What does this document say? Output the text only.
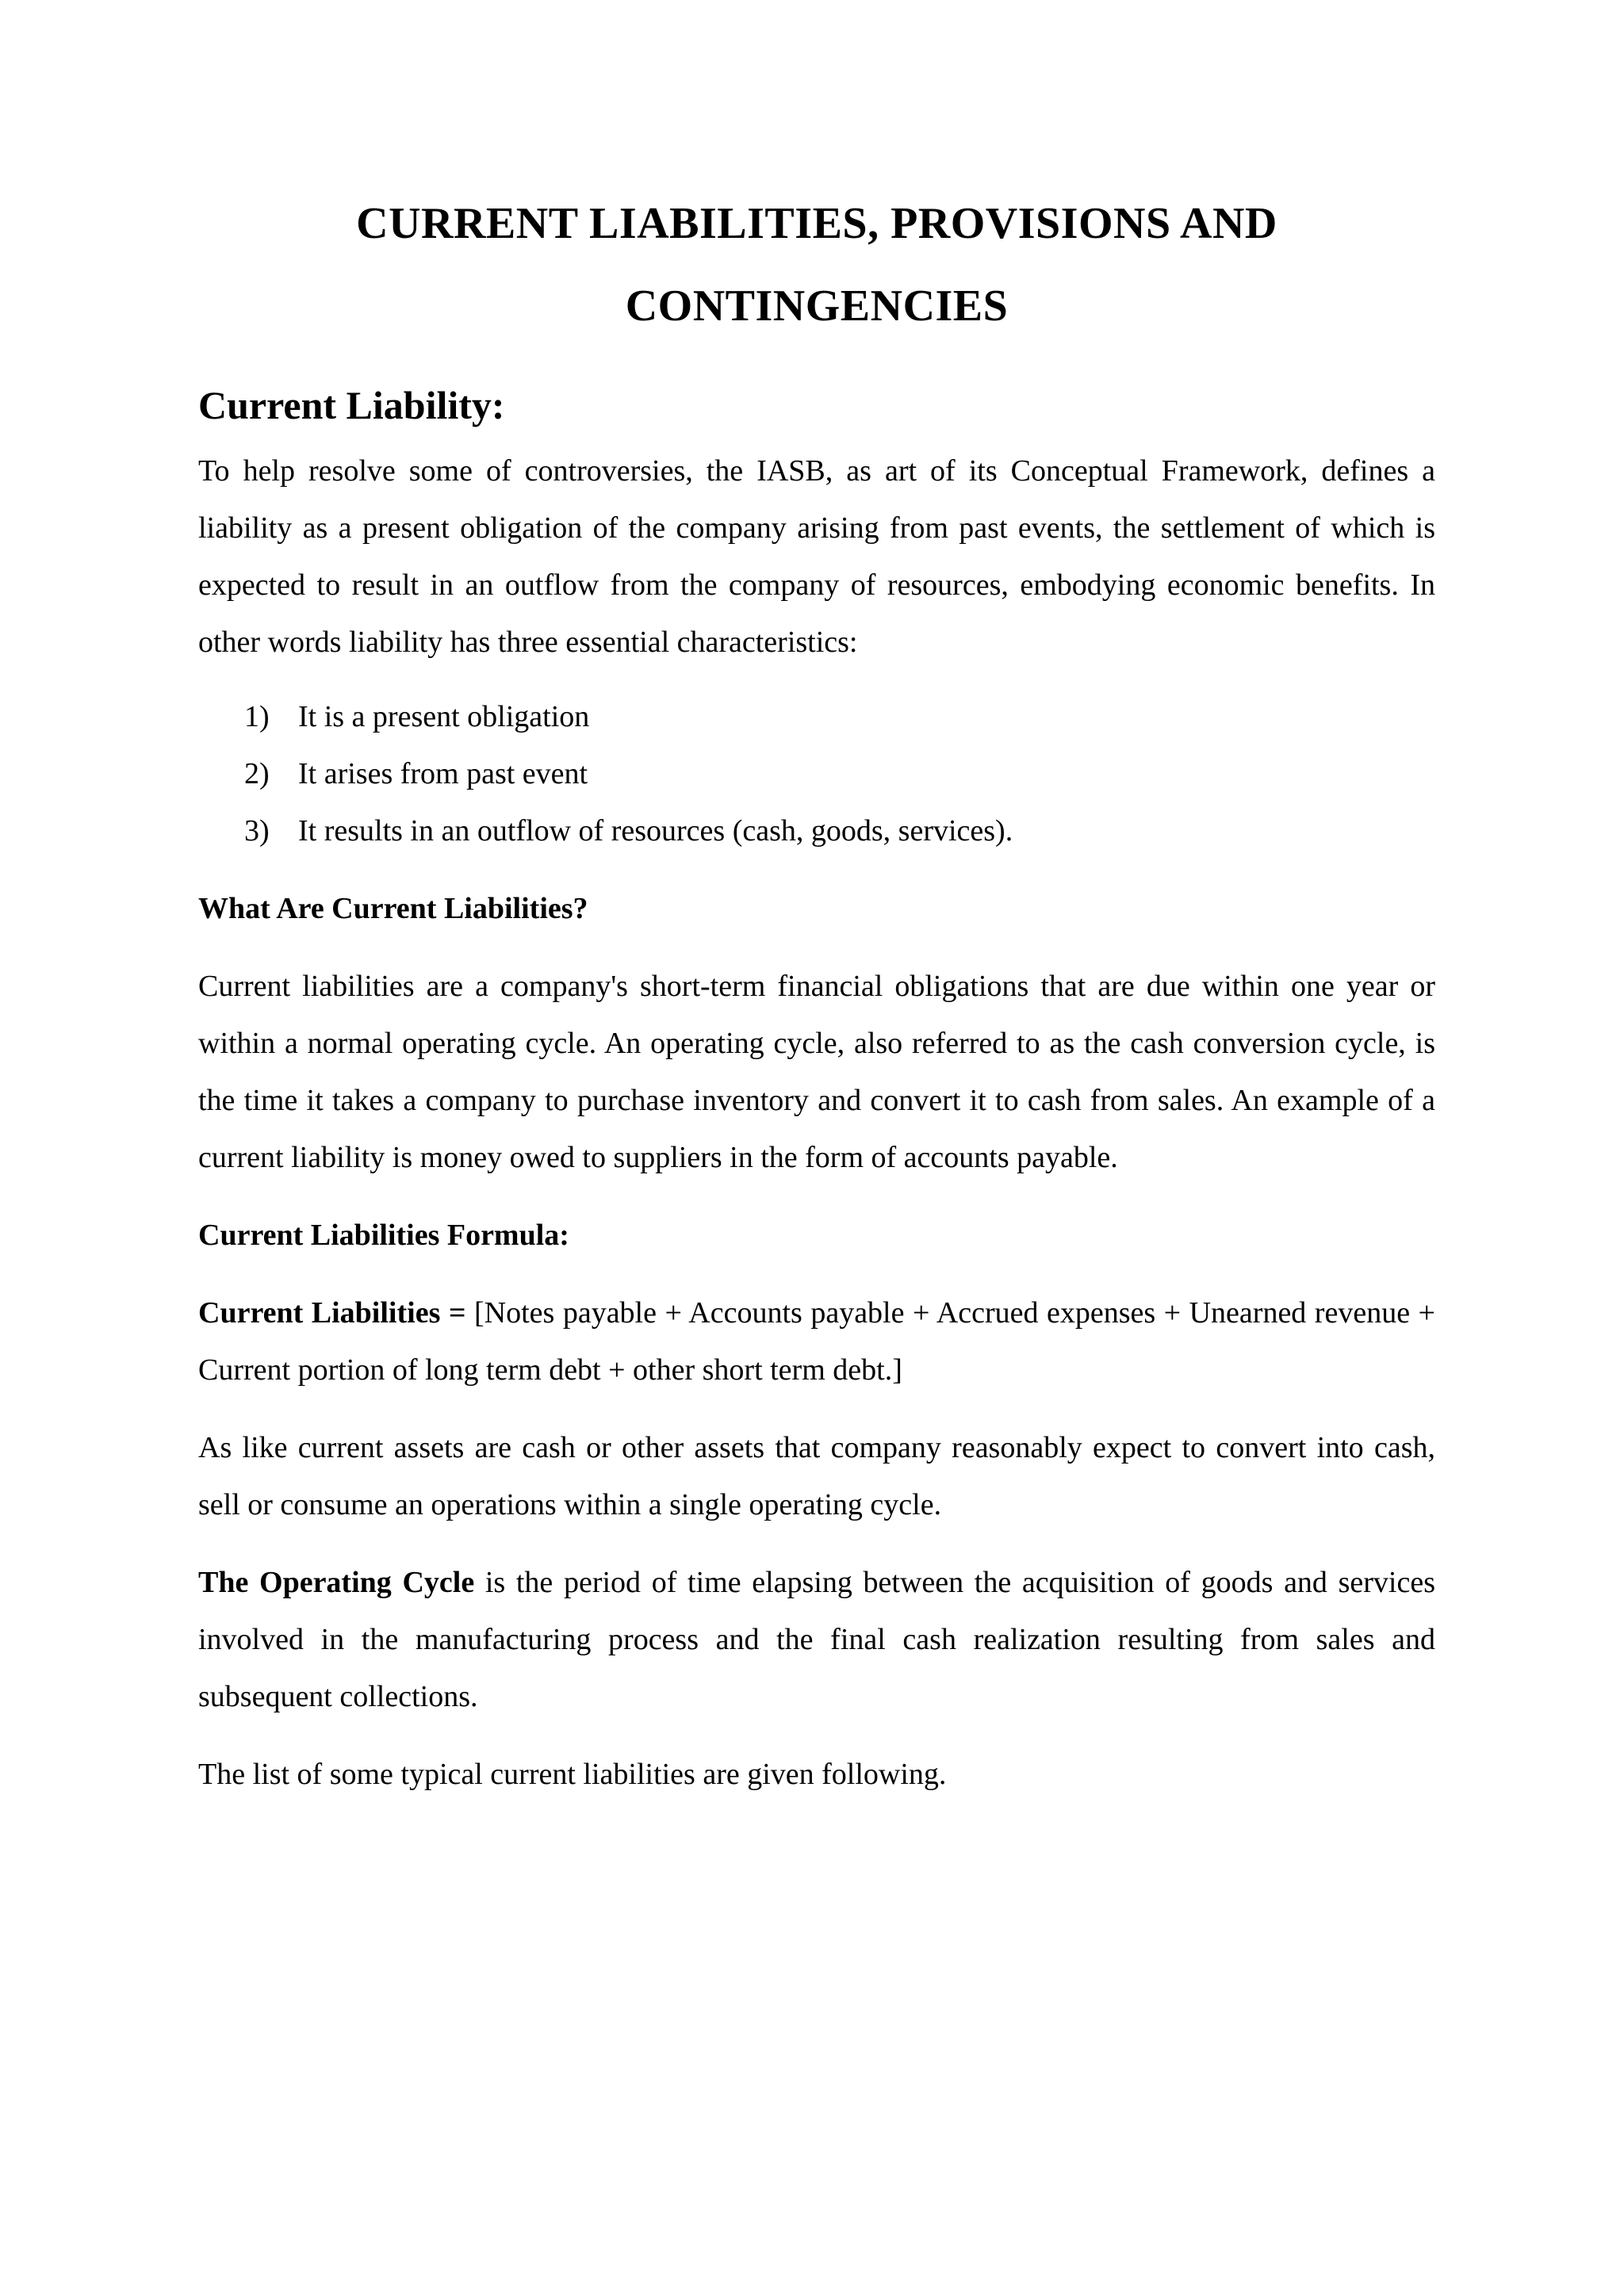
CURRENT LIABILITIES, PROVISIONS AND
CONTINGENCIES
Current Liability:

To help resolve some of controversies, the IASB, as art of its Conceptual Framework, defines a liability as a present obligation of the company arising from past events, the settlement of which is expected to result in an outflow from the company of resources, embodying economic benefits. In other words liability has three essential characteristics:

1) It is a present obligation
2) It arises from past event
3) It results in an outflow of resources (cash, goods, services).
What Are Current Liabilities?

Current liabilities are a company's short-term financial obligations that are due within one year or within a normal operating cycle. An operating cycle, also referred to as the cash conversion cycle, is the time it takes a company to purchase inventory and convert it to cash from sales. An example of a current liability is money owed to suppliers in the form of accounts payable.

Current Liabilities Formula:

Current Liabilities = [Notes payable + Accounts payable + Accrued expenses + Unearned revenue + Current portion of long term debt + other short term debt.]

As like current assets are cash or other assets that company reasonably expect to convert into cash, sell or consume an operations within a single operating cycle.

The Operating Cycle is the period of time elapsing between the acquisition of goods and services involved in the manufacturing process and the final cash realization resulting from sales and subsequent collections.

The list of some typical current liabilities are given following.
